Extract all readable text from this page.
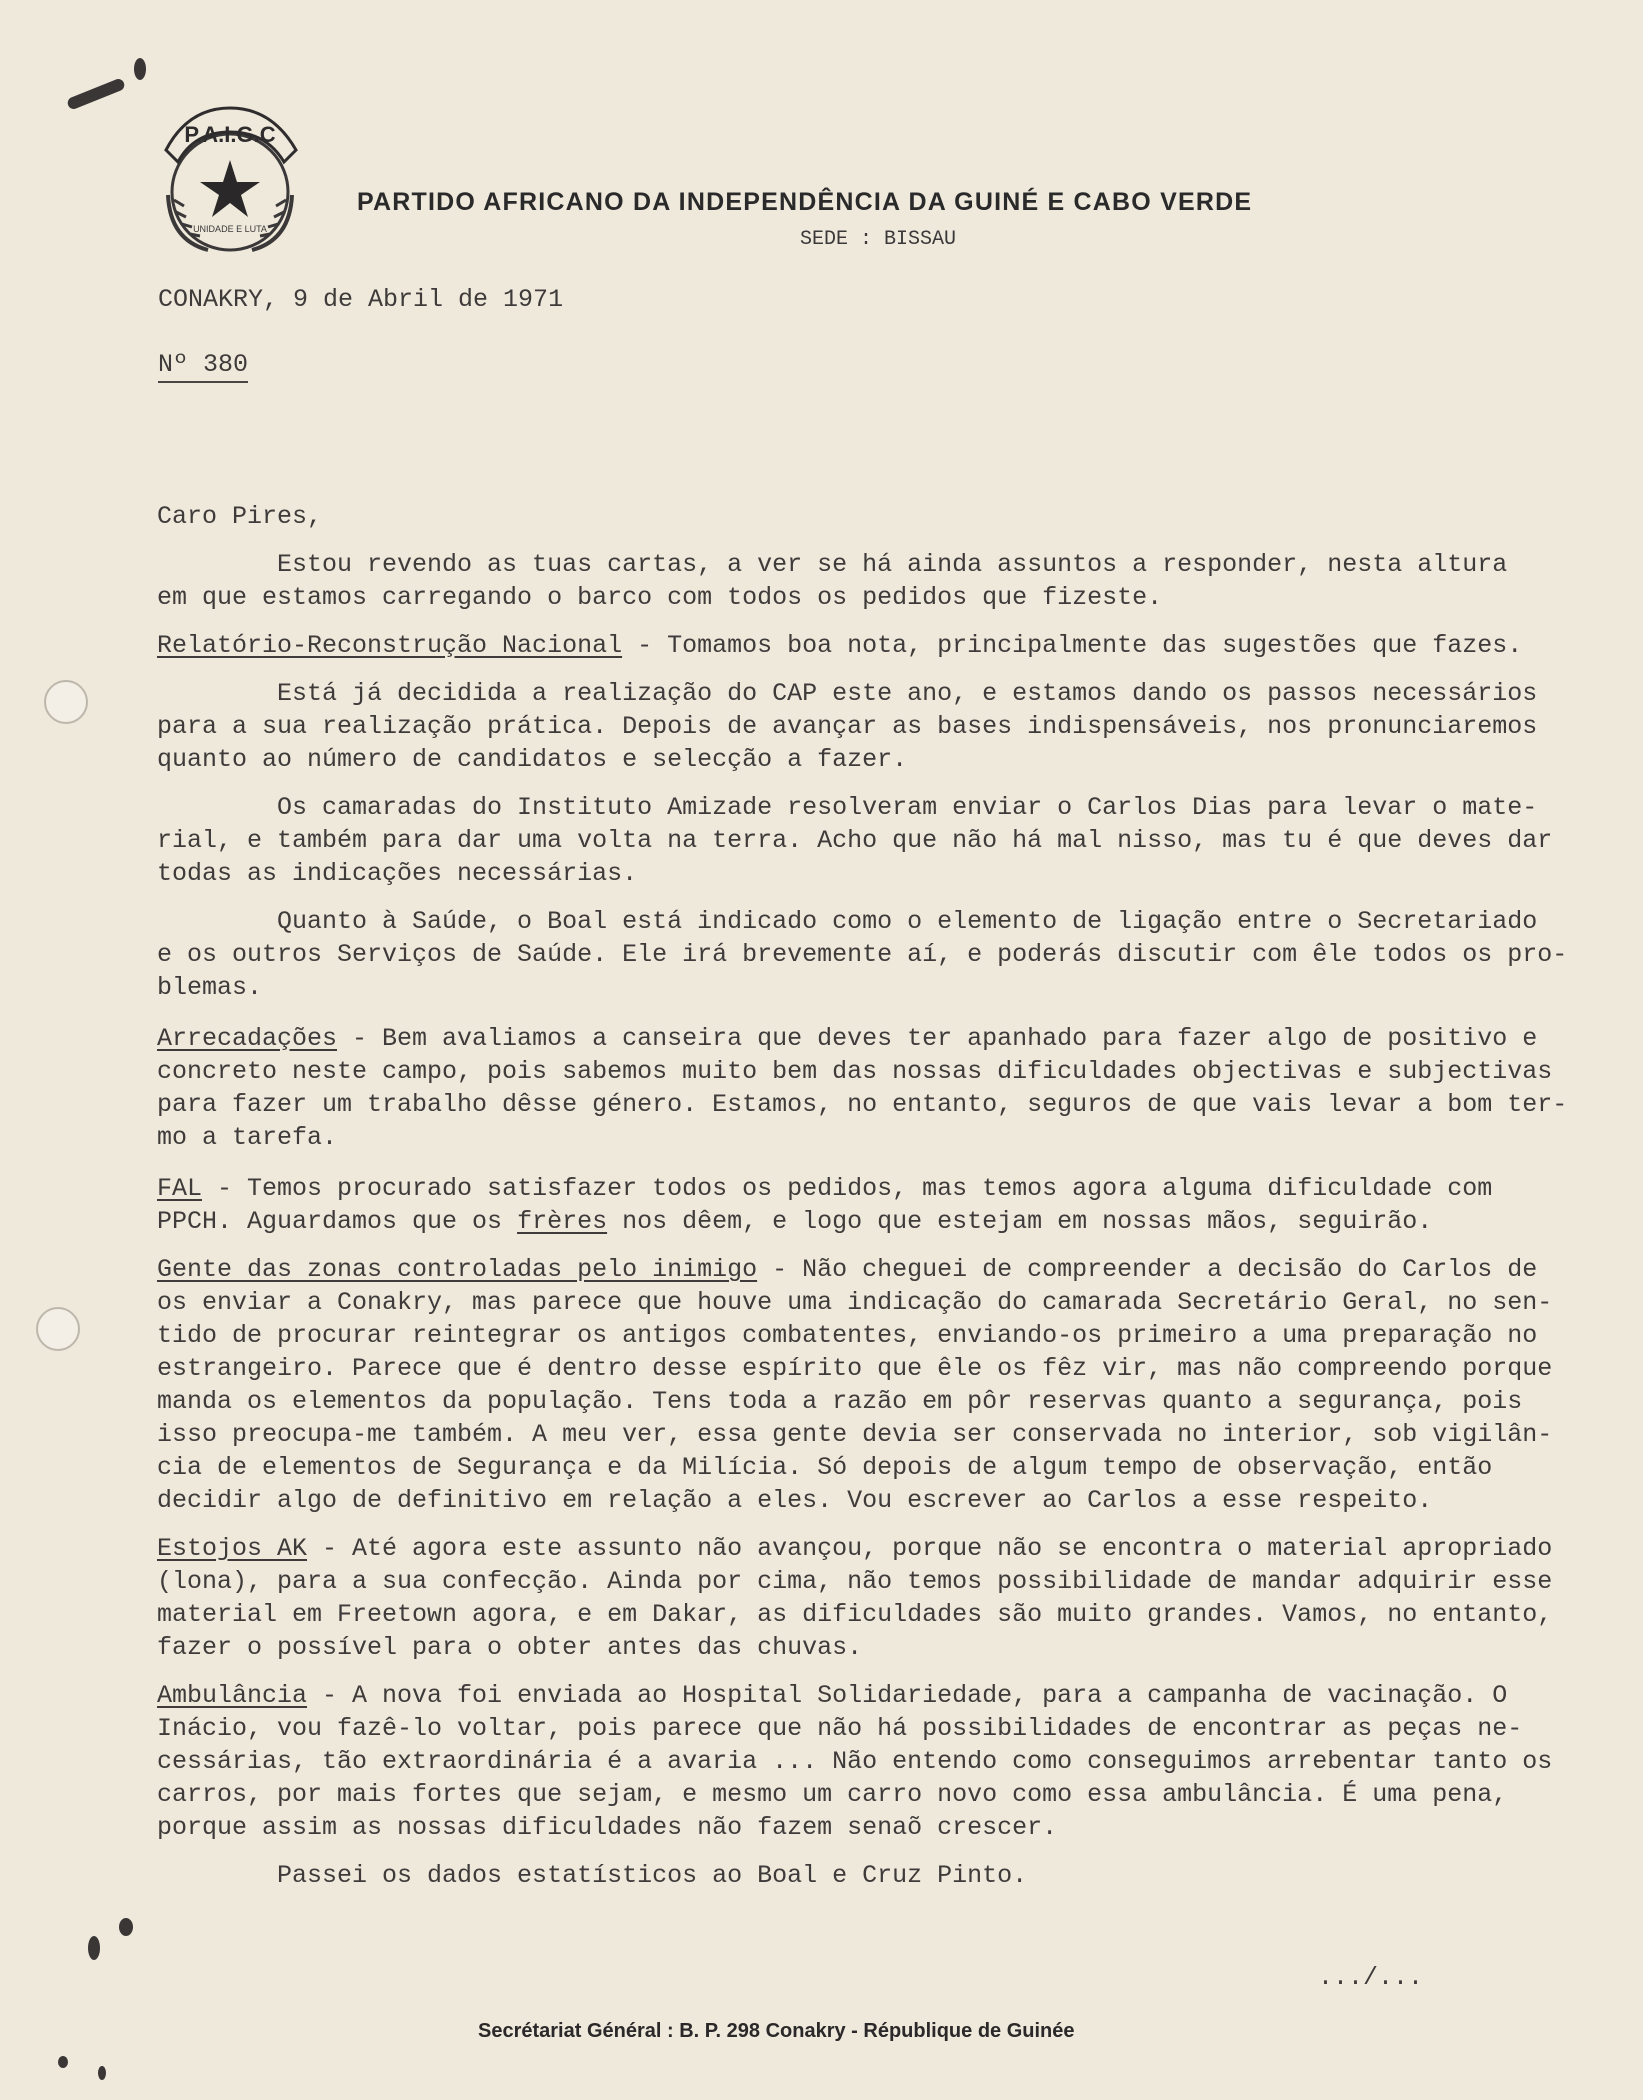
P.A.I.G.C
UNIDADE E LUTA
PARTIDO AFRICANO DA INDEPENDÊNCIA DA GUINÉ E CABO VERDE
SEDE : BISSAU
CONAKRY, 9 de Abril de 1971
Nº 380

Caro Pires,

Estou revendo as tuas cartas, a ver se há ainda assuntos a responder, nesta altura

em que estamos carregando o barco com todos os pedidos que fizeste.

Relatório-Reconstrução Nacional - Tomamos boa nota, principalmente das sugestões que fazes.

Está já decidida a realização do CAP este ano, e estamos dando os passos necessários

para a sua realização prática. Depois de avançar as bases indispensáveis, nos pronunciaremos

quanto ao número de candidatos e selecção a fazer.

Os camaradas do Instituto Amizade resolveram enviar o Carlos Dias para levar o mate-

rial, e também para dar uma volta na terra. Acho que não há mal nisso, mas tu é que deves dar

todas as indicações necessárias.

Quanto à Saúde, o Boal está indicado como o elemento de ligação entre o Secretariado

e os outros Serviços de Saúde. Ele irá brevemente aí, e poderás discutir com êle todos os pro-

blemas.

Arrecadações - Bem avaliamos a canseira que deves ter apanhado para fazer algo de positivo e

concreto neste campo, pois sabemos muito bem das nossas dificuldades objectivas e subjectivas

para fazer um trabalho dêsse género. Estamos, no entanto, seguros de que vais levar a bom ter-

mo a tarefa.

FAL - Temos procurado satisfazer todos os pedidos, mas temos agora alguma dificuldade com

PPCH. Aguardamos que os frères nos dêem, e logo que estejam em nossas mãos, seguirão.

Gente das zonas controladas pelo inimigo - Não cheguei de compreender a decisão do Carlos de

os enviar a Conakry, mas parece que houve uma indicação do camarada Secretário Geral, no sen-

tido de procurar reintegrar os antigos combatentes, enviando-os primeiro a uma preparação no

estrangeiro. Parece que é dentro desse espírito que êle os fêz vir, mas não compreendo porque

manda os elementos da população. Tens toda a razão em pôr reservas quanto a segurança, pois

isso preocupa-me também. A meu ver, essa gente devia ser conservada no interior, sob vigilân-

cia de elementos de Segurança e da Milícia. Só depois de algum tempo de observação, então

decidir algo de definitivo em relação a eles. Vou escrever ao Carlos a esse respeito.

Estojos AK - Até agora este assunto não avançou, porque não se encontra o material apropriado

(lona), para a sua confecção. Ainda por cima, não temos possibilidade de mandar adquirir esse

material em Freetown agora, e em Dakar, as dificuldades são muito grandes. Vamos, no entanto,

fazer o possível para o obter antes das chuvas.

Ambulância - A nova foi enviada ao Hospital Solidariedade, para a campanha de vacinação. O

Inácio, vou fazê-lo voltar, pois parece que não há possibilidades de encontrar as peças ne-

cessárias, tão extraordinária é a avaria ... Não entendo como conseguimos arrebentar tanto os

carros, por mais fortes que sejam, e mesmo um carro novo como essa ambulância. É uma pena,

porque assim as nossas dificuldades não fazem senaõ crescer.

Passei os dados estatísticos ao Boal e Cruz Pinto.

.../...
Secrétariat Général : B. P. 298 Conakry - République de Guinée
